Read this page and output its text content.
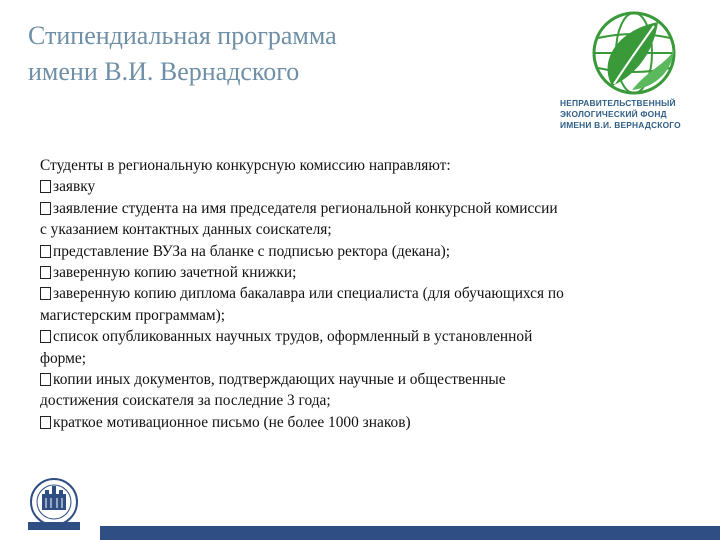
Стипендиальная программа
имени В.И. Вернадского
НЕПРАВИТЕЛЬСТВЕННЫЙ
ЭКОЛОГИЧЕСКИЙ ФОНД
ИМЕНИ В.И. ВЕРНАДСКОГО
Студенты в региональную конкурсную комиссию направляют:
заявку
заявление студента на имя председателя региональной конкурсной комиссии
с указанием контактных данных соискателя;
представление ВУЗа на бланке с подписью ректора (декана);
заверенную копию зачетной книжки;
заверенную копию диплома бакалавра или специалиста (для обучающихся по
магистерским программам);
список опубликованных научных трудов, оформленный в установленной
форме;
копии иных документов, подтверждающих научные и общественные
достижения соискателя за последние 3 года;
краткое мотивационное письмо (не более 1000 знаков)
